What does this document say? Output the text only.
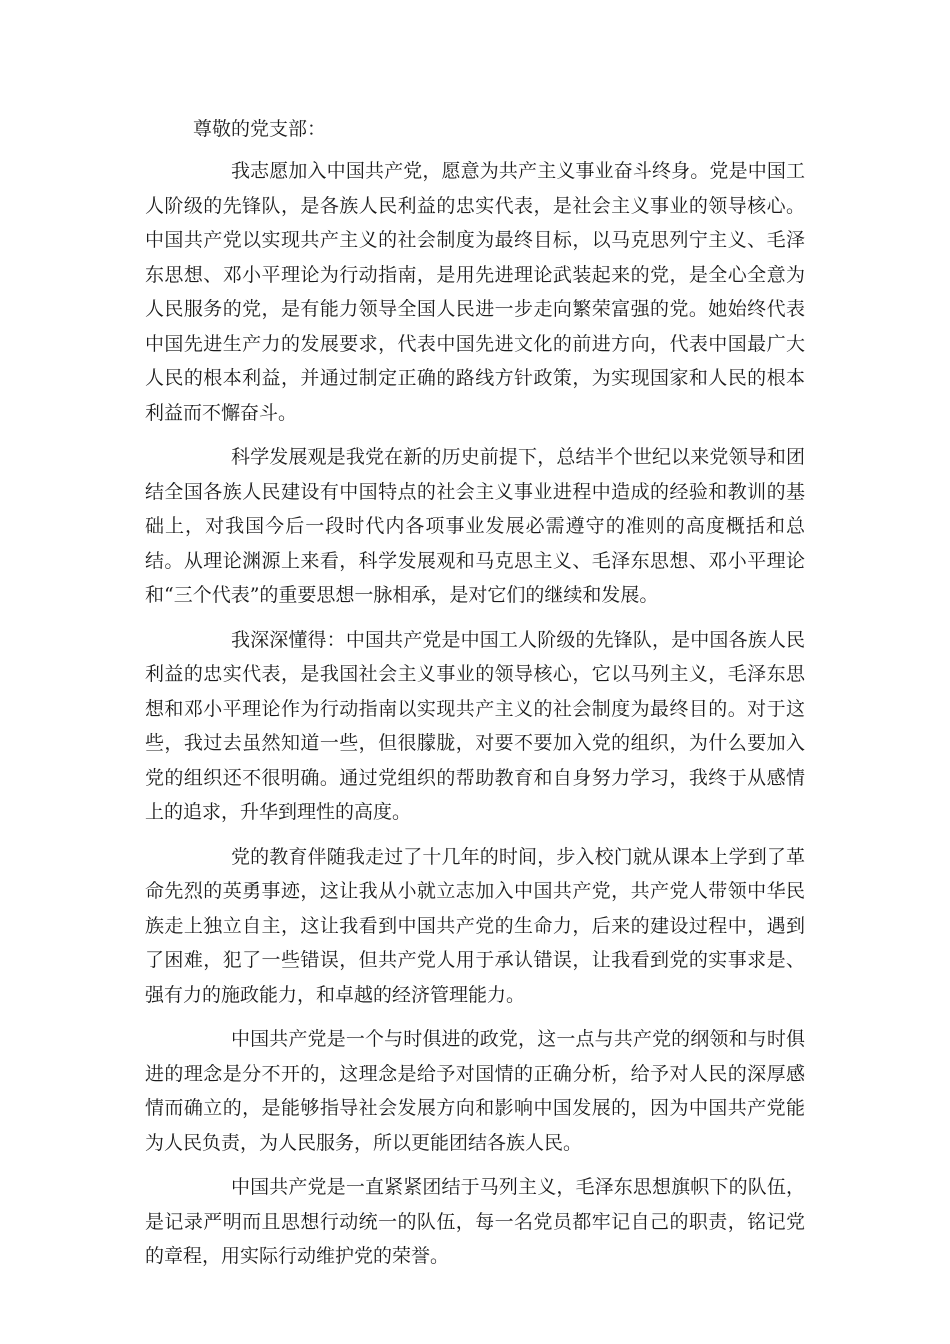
尊敬的党支部：

我志愿加入中国共产党，愿意为共产主义事业奋斗终身。党是中国工人阶级的先锋队，是各族人民利益的忠实代表，是社会主义事业的领导核心。中国共产党以实现共产主义的社会制度为最终目标，以马克思列宁主义、毛泽东思想、邓小平理论为行动指南，是用先进理论武装起来的党，是全心全意为人民服务的党，是有能力领导全国人民进一步走向繁荣富强的党。她始终代表中国先进生产力的发展要求，代表中国先进文化的前进方向，代表中国最广大人民的根本利益，并通过制定正确的路线方针政策，为实现国家和人民的根本利益而不懈奋斗。

科学发展观是我党在新的历史前提下，总结半个世纪以来党领导和团结全国各族人民建设有中国特点的社会主义事业进程中造成的经验和教训的基础上，对我国今后一段时代内各项事业发展必需遵守的准则的高度概括和总结。从理论渊源上来看，科学发展观和马克思主义、毛泽东思想、邓小平理论和“三个代表”的重要思想一脉相承，是对它们的继续和发展。

我深深懂得：中国共产党是中国工人阶级的先锋队，是中国各族人民利益的忠实代表，是我国社会主义事业的领导核心，它以马列主义，毛泽东思想和邓小平理论作为行动指南以实现共产主义的社会制度为最终目的。对于这些，我过去虽然知道一些，但很朦胧，对要不要加入党的组织，为什么要加入党的组织还不很明确。通过党组织的帮助教育和自身努力学习，我终于从感情上的追求，升华到理性的高度。

党的教育伴随我走过了十几年的时间，步入校门就从课本上学到了革命先烈的英勇事迹，这让我从小就立志加入中国共产党，共产党人带领中华民族走上独立自主，这让我看到中国共产党的生命力，后来的建设过程中，遇到了困难，犯了一些错误，但共产党人用于承认错误，让我看到党的实事求是、强有力的施政能力，和卓越的经济管理能力。

中国共产党是一个与时俱进的政党，这一点与共产党的纲领和与时俱进的理念是分不开的，这理念是给予对国情的正确分析，给予对人民的深厚感情而确立的，是能够指导社会发展方向和影响中国发展的，因为中国共产党能为人民负责，为人民服务，所以更能团结各族人民。

中国共产党是一直紧紧团结于马列主义，毛泽东思想旗帜下的队伍，是记录严明而且思想行动统一的队伍，每一名党员都牢记自己的职责，铭记党的章程，用实际行动维护党的荣誉。
